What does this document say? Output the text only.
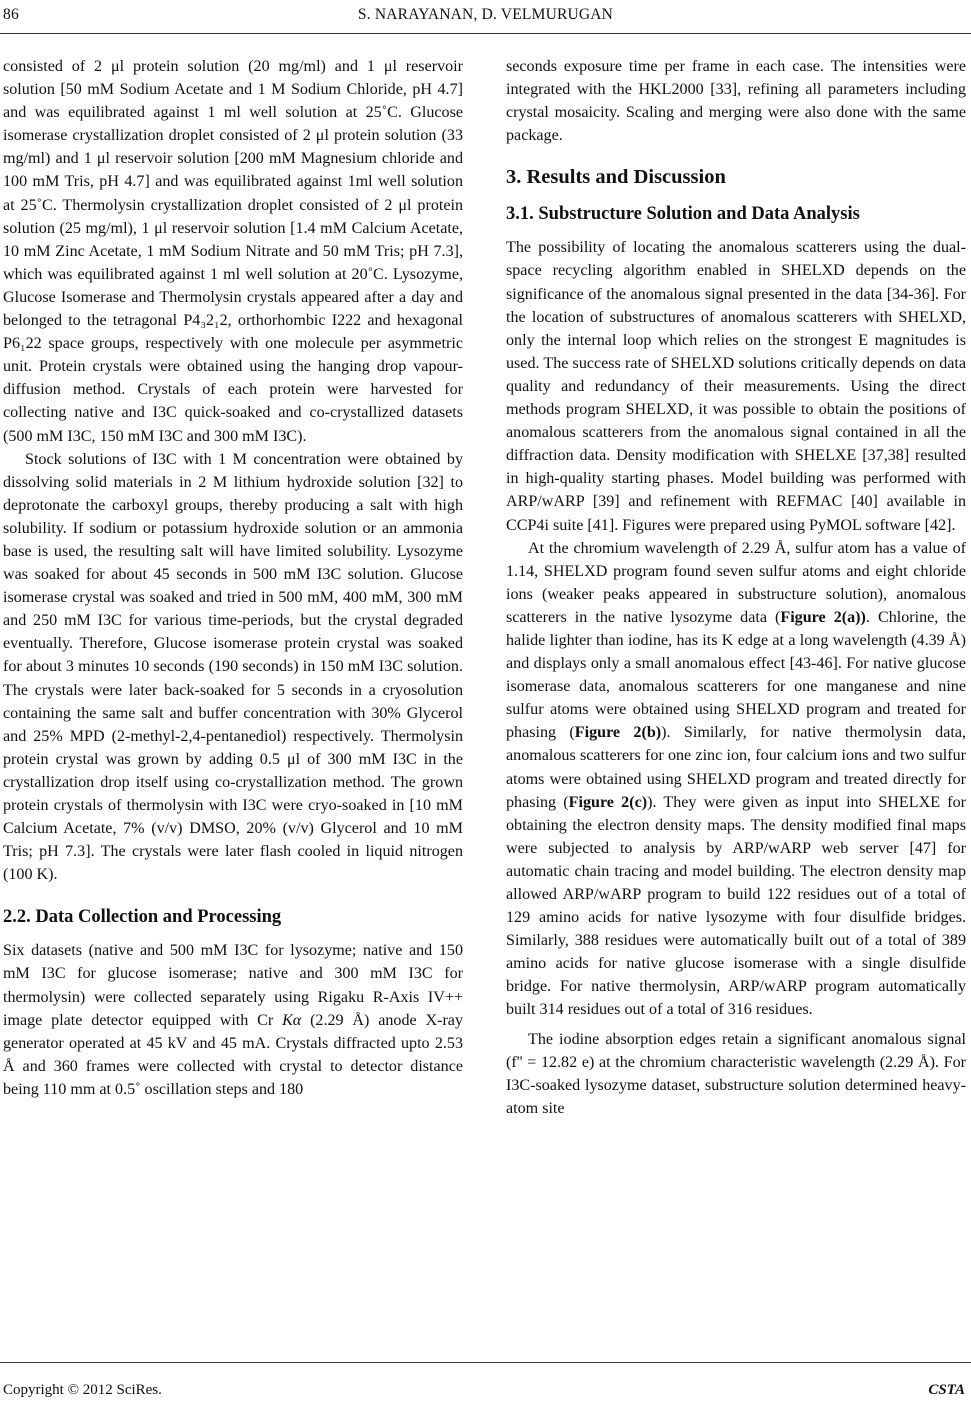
86	S. NARAYANAN, D. VELMURUGAN

consisted of 2 μl protein solution (20 mg/ml) and 1 μl reservoir solution [50 mM Sodium Acetate and 1 M Sodium Chloride, pH 4.7] and was equilibrated against 1 ml well solution at 25˚C. Glucose isomerase crystallization droplet consisted of 2 μl protein solution (33 mg/ml) and 1 μl reservoir solution [200 mM Magnesium chloride and 100 mM Tris, pH 4.7] and was equilibrated against 1ml well solution at 25˚C. Thermolysin crystallization droplet consisted of 2 μl protein solution (25 mg/ml), 1 μl reservoir solution [1.4 mM Calcium Acetate, 10 mM Zinc Acetate, 1 mM Sodium Nitrate and 50 mM Tris; pH 7.3], which was equilibrated against 1 ml well solution at 20˚C. Lysozyme, Glucose Isomerase and Thermolysin crystals appeared after a day and belonged to the tetragonal P4₃2₁2, orthorhombic I222 and hexagonal P6₁22 space groups, respectively with one molecule per asymmetric unit. Protein crystals were obtained using the hanging drop vapour-diffusion method. Crystals of each protein were harvested for collecting native and I3C quick-soaked and co-crystallized datasets (500 mM I3C, 150 mM I3C and 300 mM I3C).

Stock solutions of I3C with 1 M concentration were obtained by dissolving solid materials in 2 M lithium hydroxide solution [32] to deprotonate the carboxyl groups, thereby producing a salt with high solubility. If sodium or potassium hydroxide solution or an ammonia base is used, the resulting salt will have limited solubility. Lysozyme was soaked for about 45 seconds in 500 mM I3C solution. Glucose isomerase crystal was soaked and tried in 500 mM, 400 mM, 300 mM and 250 mM I3C for various time-periods, but the crystal degraded eventually. Therefore, Glucose isomerase protein crystal was soaked for about 3 minutes 10 seconds (190 seconds) in 150 mM I3C solution. The crystals were later back-soaked for 5 seconds in a cryosolution containing the same salt and buffer concentration with 30% Glycerol and 25% MPD (2-methyl-2,4-pentanediol) respectively. Thermolysin protein crystal was grown by adding 0.5 μl of 300 mM I3C in the crystallization drop itself using co-crystallization method. The grown protein crystals of thermolysin with I3C were cryo-soaked in [10 mM Calcium Acetate, 7% (v/v) DMSO, 20% (v/v) Glycerol and 10 mM Tris; pH 7.3]. The crystals were later flash cooled in liquid nitrogen (100 K).

2.2. Data Collection and Processing

Six datasets (native and 500 mM I3C for lysozyme; native and 150 mM I3C for glucose isomerase; native and 300 mM I3C for thermolysin) were collected separately using Rigaku R-Axis IV++ image plate detector equipped with Cr Kα (2.29 Å) anode X-ray generator operated at 45 kV and 45 mA. Crystals diffracted upto 2.53 Å and 360 frames were collected with crystal to detector distance being 110 mm at 0.5˚ oscillation steps and 180

seconds exposure time per frame in each case. The intensities were integrated with the HKL2000 [33], refining all parameters including crystal mosaicity. Scaling and merging were also done with the same package.

3. Results and Discussion
3.1. Substructure Solution and Data Analysis

The possibility of locating the anomalous scatterers using the dual-space recycling algorithm enabled in SHELXD depends on the significance of the anomalous signal presented in the data [34-36]. For the location of substructures of anomalous scatterers with SHELXD, only the internal loop which relies on the strongest E magnitudes is used. The success rate of SHELXD solutions critically depends on data quality and redundancy of their measurements. Using the direct methods program SHELXD, it was possible to obtain the positions of anomalous scatterers from the anomalous signal contained in all the diffraction data. Density modification with SHELXE [37,38] resulted in high-quality starting phases. Model building was performed with ARP/wARP [39] and refinement with REFMAC [40] available in CCP4i suite [41]. Figures were prepared using PyMOL software [42].

At the chromium wavelength of 2.29 Å, sulfur atom has a value of 1.14, SHELXD program found seven sulfur atoms and eight chloride ions (weaker peaks appeared in substructure solution), anomalous scatterers in the native lysozyme data (Figure 2(a)). Chlorine, the halide lighter than iodine, has its K edge at a long wavelength (4.39 Å) and displays only a small anomalous effect [43-46]. For native glucose isomerase data, anomalous scatterers for one manganese and nine sulfur atoms were obtained using SHELXD program and treated for phasing (Figure 2(b)). Similarly, for native thermolysin data, anomalous scatterers for one zinc ion, four calcium ions and two sulfur atoms were obtained using SHELXD program and treated directly for phasing (Figure 2(c)). They were given as input into SHELXE for obtaining the electron density maps. The density modified final maps were subjected to analysis by ARP/wARP web server [47] for automatic chain tracing and model building. The electron density map allowed ARP/wARP program to build 122 residues out of a total of 129 amino acids for native lysozyme with four disulfide bridges. Similarly, 388 residues were automatically built out of a total of 389 amino acids for native glucose isomerase with a single disulfide bridge. For native thermolysin, ARP/wARP program automatically built 314 residues out of a total of 316 residues.

The iodine absorption edges retain a significant anomalous signal (f'' = 12.82 e) at the chromium characteristic wavelength (2.29 Å). For I3C-soaked lysozyme dataset, substructure solution determined heavy-atom site

Copyright © 2012 SciRes.	CSTA
